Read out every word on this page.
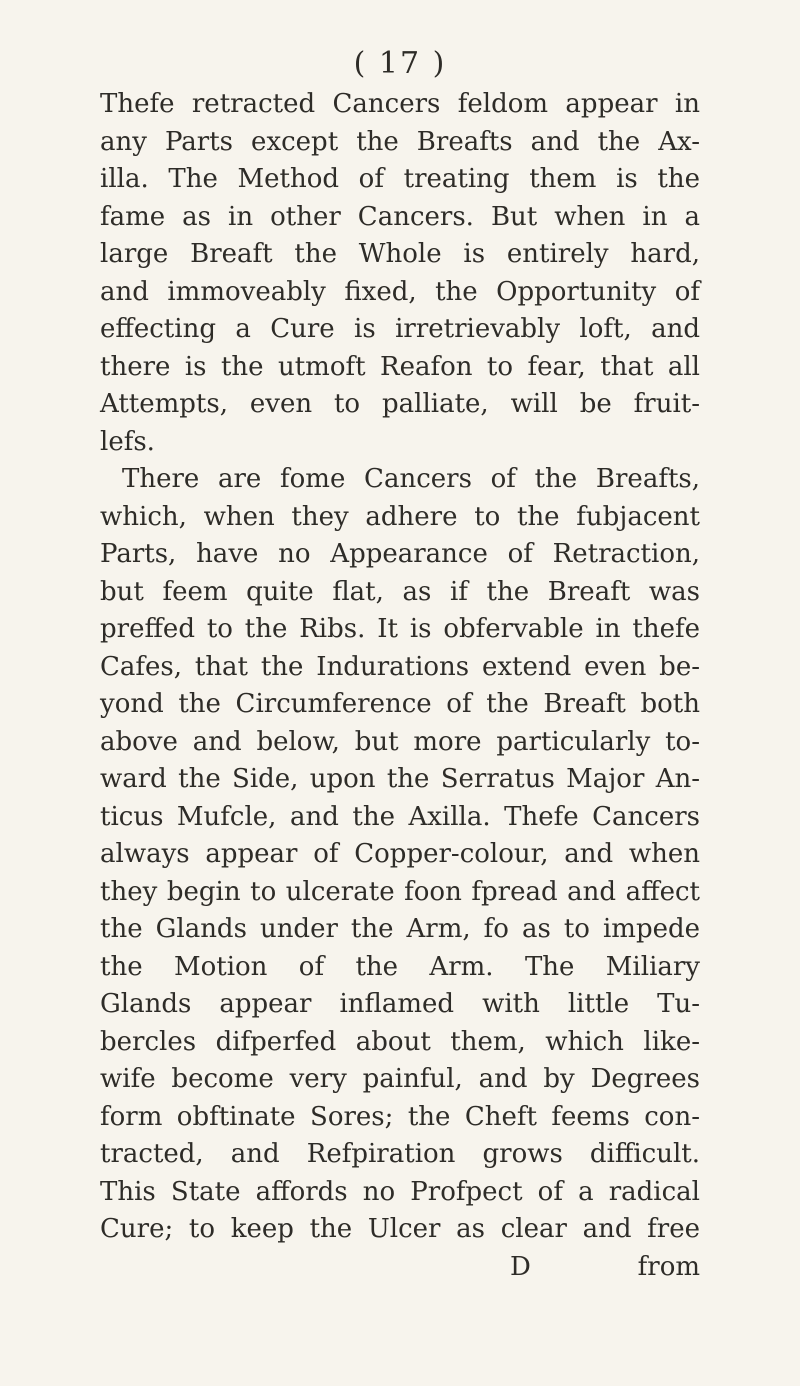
( 17 )
Thefe retracted Cancers feldom appear in
any Parts except the Breafts and the Ax-
illa. The Method of treating them is the
fame as in other Cancers. But when in a
large Breaft the Whole is entirely hard,
and immoveably fixed, the Opportunity of
effecting a Cure is irretrievably loft, and
there is the utmoft Reafon to fear, that all
Attempts, even to palliate, will be fruit-
lefs.
There are fome Cancers of the Breafts,
which, when they adhere to the fubjacent
Parts, have no Appearance of Retraction,
but feem quite flat, as if the Breaft was
preffed to the Ribs. It is obfervable in thefe
Cafes, that the Indurations extend even be-
yond the Circumference of the Breaft both
above and below, but more particularly to-
ward the Side, upon the Serratus Major An-
ticus Mufcle, and the Axilla. Thefe Cancers
always appear of Copper-colour, and when
they begin to ulcerate foon fpread and affect
the Glands under the Arm, fo as to impede
the Motion of the Arm. The Miliary
Glands appear inflamed with little Tu-
bercles difperfed about them, which like-
wife become very painful, and by Degrees
form obftinate Sores; the Cheft feems con-
tracted, and Refpiration grows difficult.
This State affords no Profpect of a radical
Cure; to keep the Ulcer as clear and free
D	from
